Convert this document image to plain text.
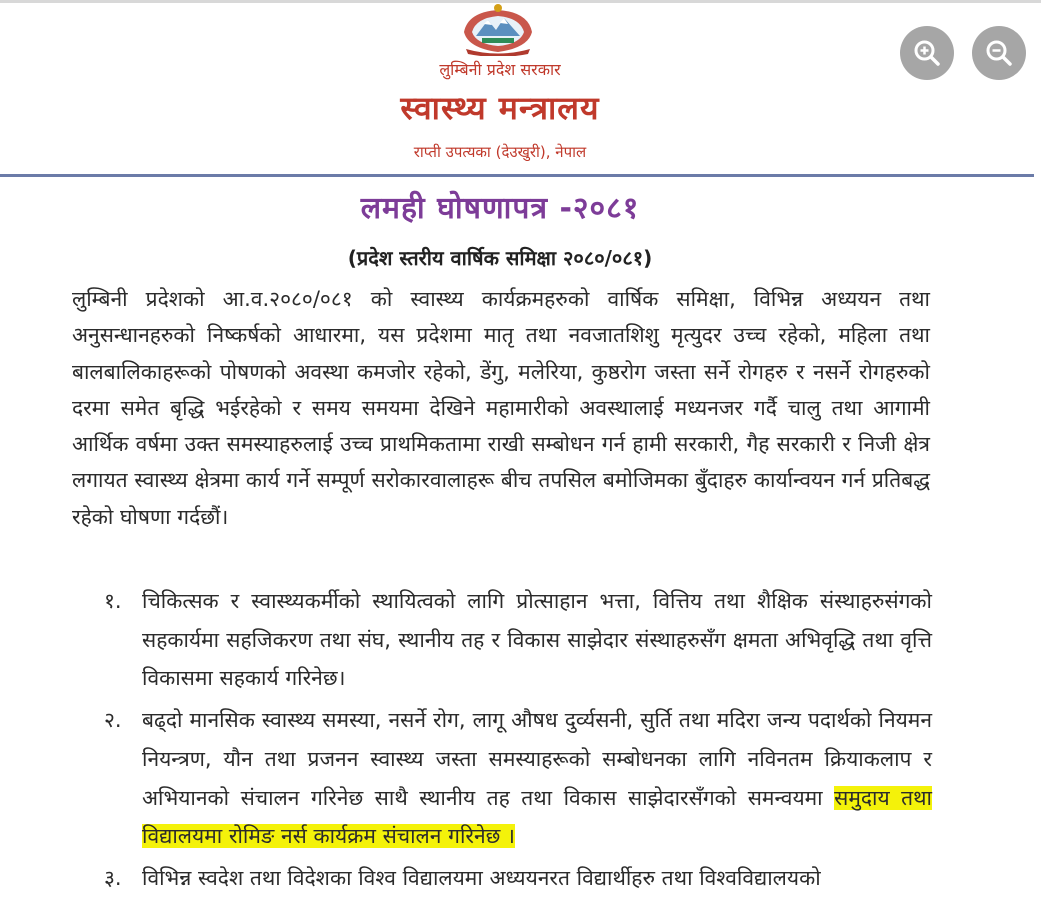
लुम्बिनी प्रदेश सरकार
स्वास्थ्य मन्त्रालय
राप्ती उपत्यका (देउखुरी), नेपाल
लमही घोषणापत्र -२०८१
(प्रदेश स्तरीय वार्षिक समिक्षा २०८०/०८१)
लुम्बिनी प्रदेशको आ.व.२०८०/०८१ को स्वास्थ्य कार्यक्रमहरुको वार्षिक समिक्षा, विभिन्न अध्ययन तथा अनुसन्धानहरुको निष्कर्षको आधारमा, यस प्रदेशमा मातृ तथा नवजातशिशु मृत्युदर उच्च रहेको, महिला तथा बालबालिकाहरूको पोषणको अवस्था कमजोर रहेको, डेंगु, मलेरिया, कुष्ठरोग जस्ता सर्ने रोगहरु र नसर्ने रोगहरुको दरमा समेत बृद्धि भईरहेको र समय समयमा देखिने महामारीको अवस्थालाई मध्यनजर गर्दै चालु तथा आगामी आर्थिक वर्षमा उक्त समस्याहरुलाई उच्च प्राथमिकतामा राखी सम्बोधन गर्न हामी सरकारी, गैह सरकारी र निजी क्षेत्र लगायत स्वास्थ्य क्षेत्रमा कार्य गर्ने सम्पूर्ण सरोकारवालाहरू बीच तपसिल बमोजिमका बुँदाहरु कार्यान्वयन गर्न प्रतिबद्ध रहेको घोषणा गर्दछौं।
१. चिकित्सक र स्वास्थ्यकर्मीको स्थायित्वको लागि प्रोत्साहान भत्ता, वित्तिय तथा शैक्षिक संस्थाहरुसंगको सहकार्यमा सहजिकरण तथा संघ, स्थानीय तह र विकास साझेदार संस्थाहरुसँग क्षमता अभिवृद्धि तथा वृत्ति विकासमा सहकार्य गरिनेछ।
२. बढ्दो मानसिक स्वास्थ्य समस्या, नसर्ने रोग, लागू औषध दुर्व्यसनी, सुर्ति तथा मदिरा जन्य पदार्थको नियमन नियन्त्रण, यौन तथा प्रजनन स्वास्थ्य जस्ता समस्याहरूको सम्बोधनका लागि नविनतम क्रियाकलाप र अभियानको संचालन गरिनेछ साथै स्थानीय तह तथा विकास साझेदारसँगको समन्वयमा समुदाय तथा विद्यालयमा रोमिङ नर्स कार्यक्रम संचालन गरिनेछ ।
३. विभिन्न स्वदेश तथा विदेशका विश्व विद्यालयमा अध्ययनरत विद्यार्थीहरु तथा विश्वविद्यालयको
